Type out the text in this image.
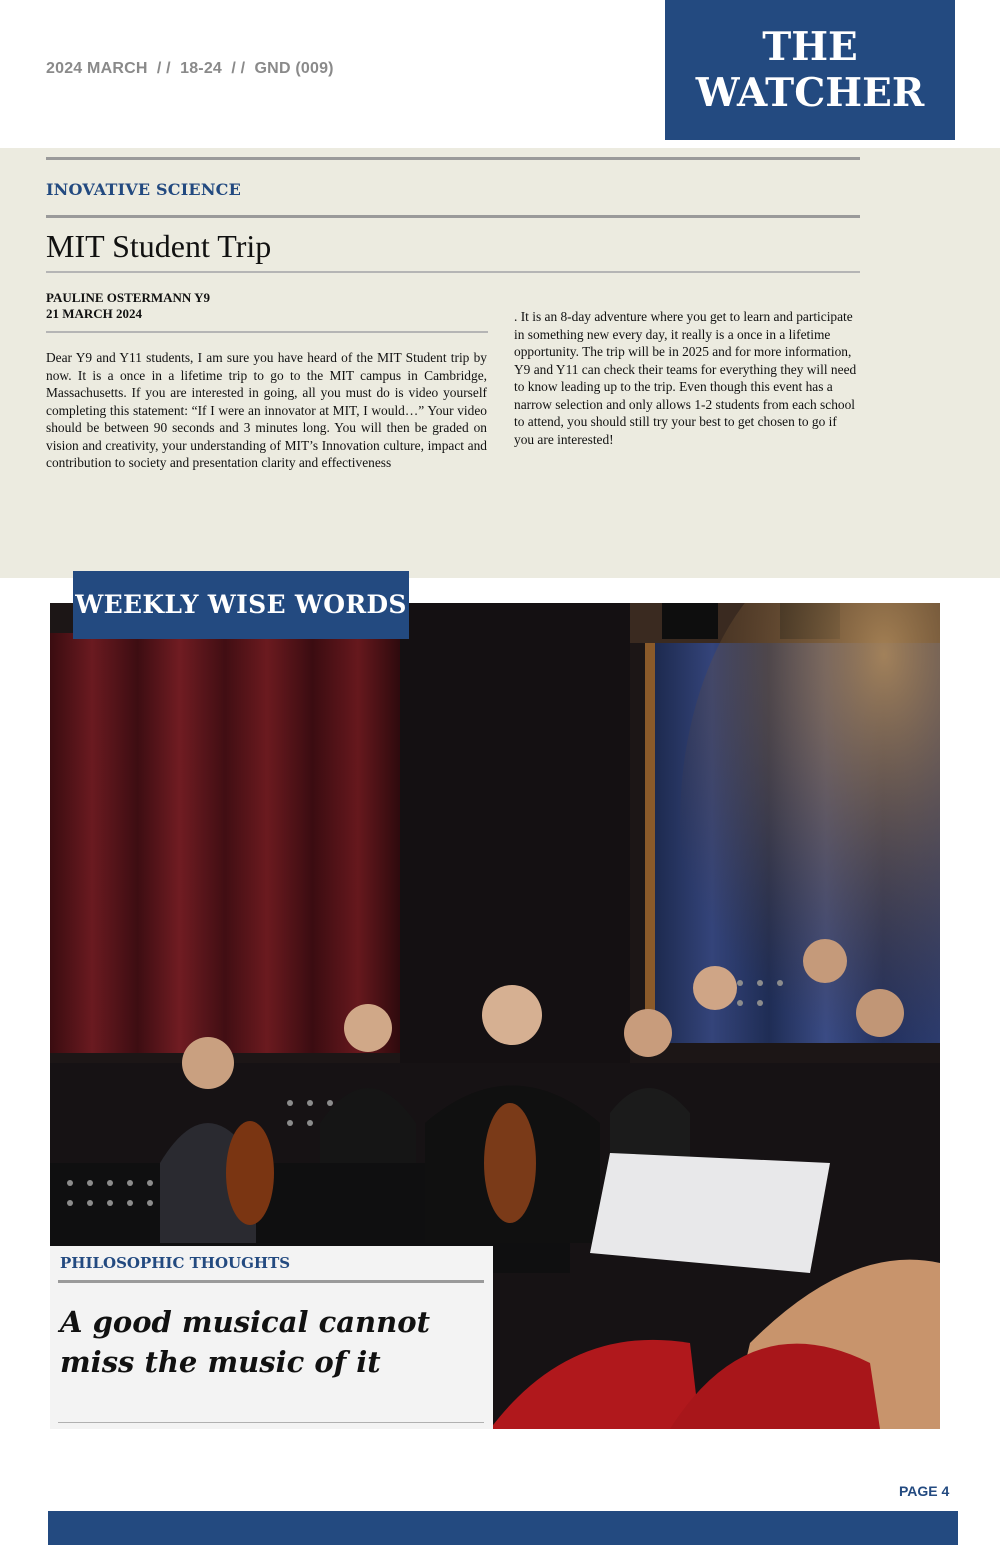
2024 MARCH  / /  18-24  / /  GND (009)	THE
WATCHER
INOVATIVE SCIENCE
MIT Student Trip
PAULINE OSTERMANN Y9
21 MARCH 2024
Dear Y9 and Y11 students, I am sure you have heard of the MIT Student trip by now. It is a once in a lifetime trip to go to the MIT campus in Cambridge, Massachusetts. If you are interested in going, all you must do is video yourself completing this statement: “If I were an innovator at MIT, I would…” Your video should be between 90 seconds and 3 minutes long. You will then be graded on vision and creativity, your understanding of MIT’s Innovation culture, impact and contribution to society and presentation clarity and effectiveness
. It is an 8-day adventure where you get to learn and participate in something new every day, it really is a once in a lifetime opportunity. The trip will be in 2025 and for more information, Y9 and Y11 can check their teams for everything they will need to know leading up to the trip. Even though this event has a narrow selection and only allows 1-2 students from each school to attend, you should still try your best to get chosen to go if you are interested!
WEEKLY WISE WORDS
PHILOSOPHIC THOUGHTS
A good musical cannot miss the music of it
PAGE 4
